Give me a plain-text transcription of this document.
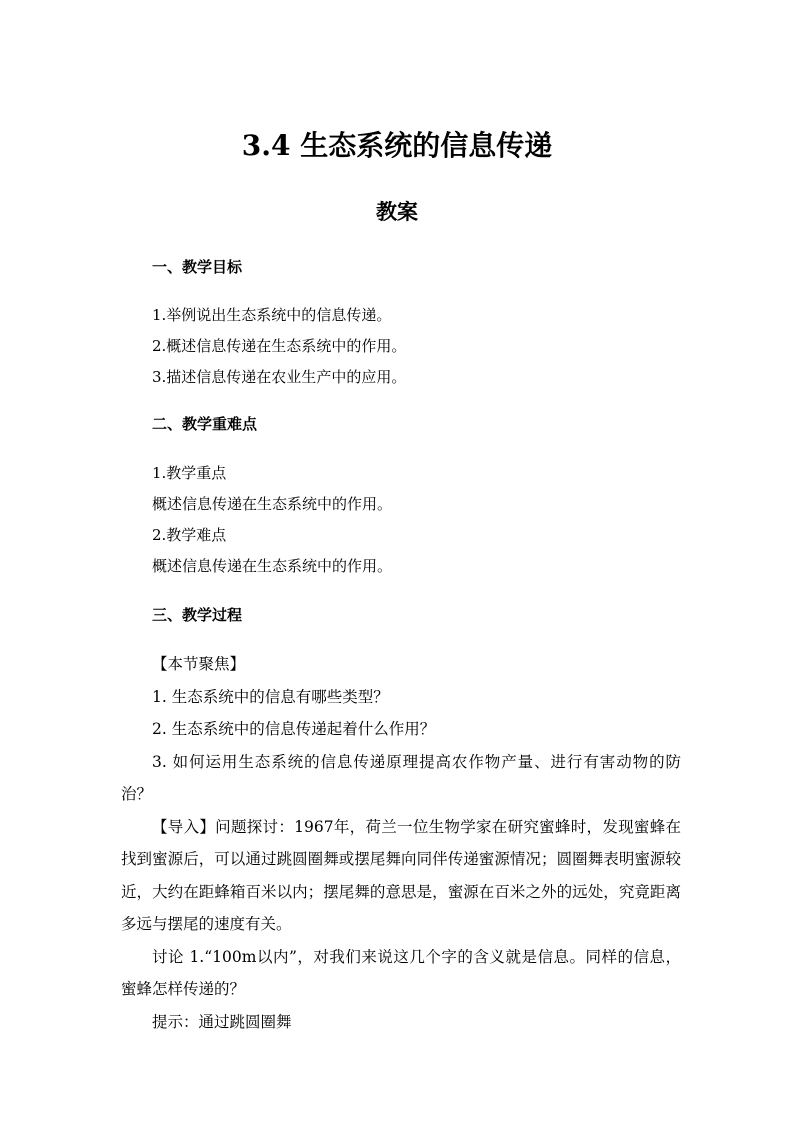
3.4 生态系统的信息传递
教案

一、教学目标

1.举例说出生态系统中的信息传递。

2.概述信息传递在生态系统中的作用。

3.描述信息传递在农业生产中的应用。

二、教学重难点

1.教学重点

概述信息传递在生态系统中的作用。

2.教学难点

概述信息传递在生态系统中的作用。

三、教学过程

【本节聚焦】

1. 生态系统中的信息有哪些类型？

2. 生态系统中的信息传递起着什么作用？

3. 如何运用生态系统的信息传递原理提高农作物产量、进行有害动物的防治？

【导入】问题探讨：1967年，荷兰一位生物学家在研究蜜蜂时，发现蜜蜂在找到蜜源后，可以通过跳圆圈舞或摆尾舞向同伴传递蜜源情况；圆圈舞表明蜜源较近，大约在距蜂箱百米以内；摆尾舞的意思是，蜜源在百米之外的远处，究竟距离多远与摆尾的速度有关。

讨论 1.“100m以内”，对我们来说这几个字的含义就是信息。同样的信息，蜜蜂怎样传递的？

提示：通过跳圆圈舞
